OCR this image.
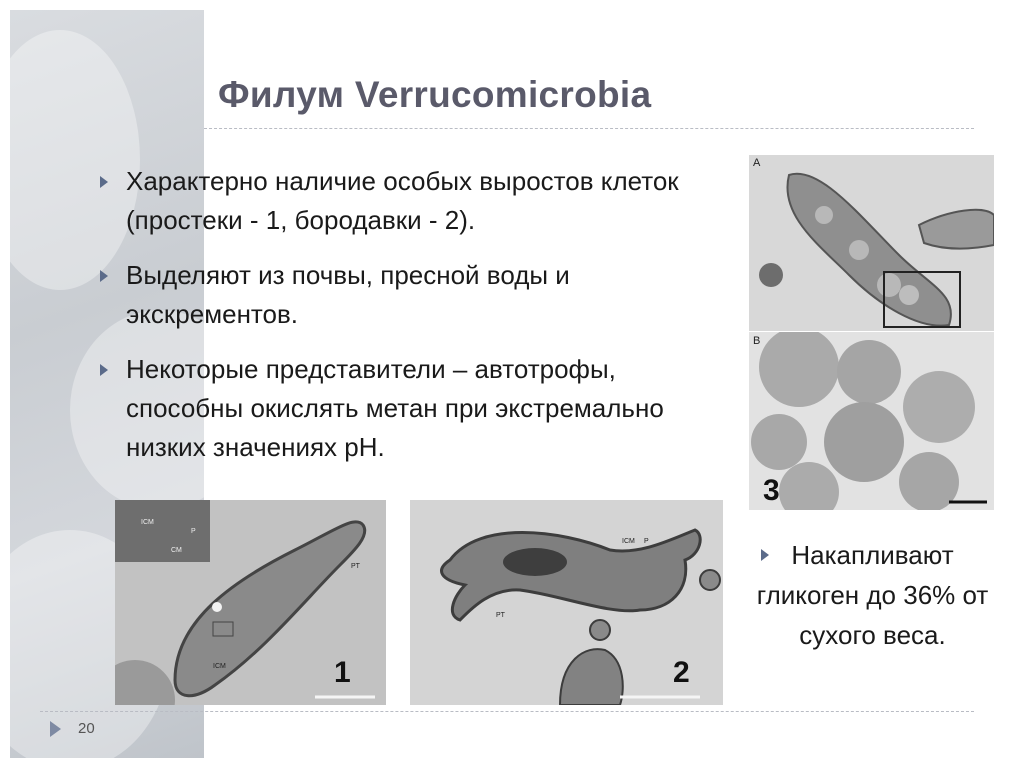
Филум Verrucomicrobia
Характерно наличие особых выростов клеток (простеки - 1, бородавки - 2).
Выделяют из почвы, пресной воды и экскрементов.
Некоторые представители – автотрофы, способны окислять метан при экстремально низких значениях рН.
A
B
3
ICM
P
CM
PT
ICM	1
ICM P
PT
2
Накапливают гликоген до 36% от сухого веса.
20
